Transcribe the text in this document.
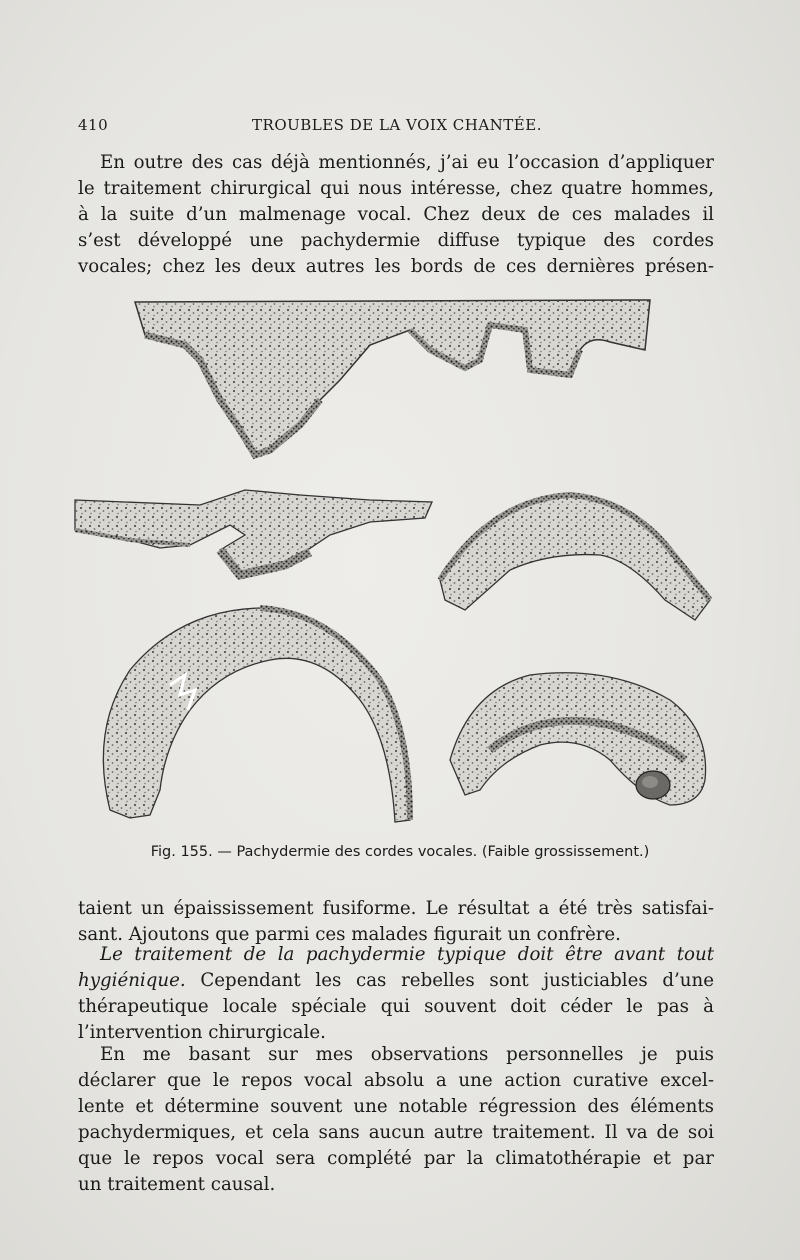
410	TROUBLES DE LA VOIX CHANTÉE.

En outre des cas déjà mentionnés, j’ai eu l’occasion d’appliquer
le traitement chirurgical qui nous intéresse, chez quatre hommes,
à la suite d’un malmenage vocal. Chez deux de ces malades il
s’est développé une pachydermie diffuse typique des cordes
vocales; chez les deux autres les bords de ces dernières présen-

Fig. 155. — Pachydermie des cordes vocales. (Faible grossissement.)

taient un épaississement fusiforme. Le résultat a été très satisfai-
sant. Ajoutons que parmi ces malades figurait un confrère.

Le traitement de la pachydermie typique doit être avant tout
hygiénique. Cependant les cas rebelles sont justiciables d’une
thérapeutique locale spéciale qui souvent doit céder le pas à
l’intervention chirurgicale.

En me basant sur mes observations personnelles je puis
déclarer que le repos vocal absolu a une action curative excel-
lente et détermine souvent une notable régression des éléments
pachydermiques, et cela sans aucun autre traitement. Il va de soi
que le repos vocal sera complété par la climatothérapie et par
un traitement causal.
